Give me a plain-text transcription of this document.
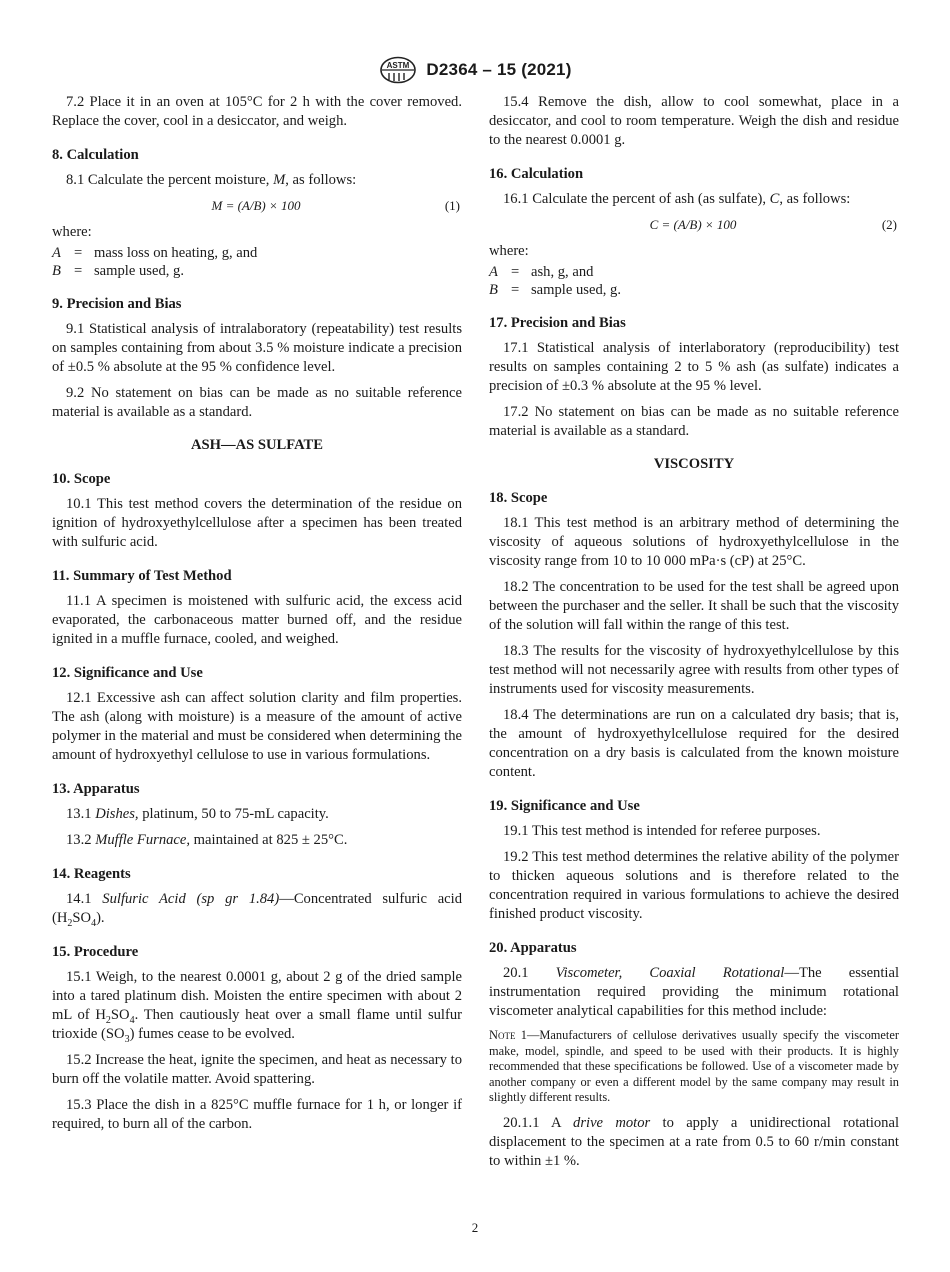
ASTM D2364 – 15 (2021)

7.2 Place it in an oven at 105°C for 2 h with the cover removed. Replace the cover, cool in a desiccator, and weigh.

8. Calculation

8.1 Calculate the percent moisture, M, as follows:

M = (A/B) × 100	(1)

where:

A = mass loss on heating, g, and
B = sample used, g.
9. Precision and Bias

9.1 Statistical analysis of intralaboratory (repeatability) test results on samples containing from about 3.5 % moisture indicate a precision of ±0.5 % absolute at the 95 % confidence level.

9.2 No statement on bias can be made as no suitable reference material is available as a standard.

ASH—AS SULFATE
10. Scope

10.1 This test method covers the determination of the residue on ignition of hydroxyethylcellulose after a specimen has been treated with sulfuric acid.

11. Summary of Test Method

11.1 A specimen is moistened with sulfuric acid, the excess acid evaporated, the carbonaceous matter burned off, and the residue ignited in a muffle furnace, cooled, and weighed.

12. Significance and Use

12.1 Excessive ash can affect solution clarity and film properties. The ash (along with moisture) is a measure of the amount of active polymer in the material and must be considered when determining the amount of hydroxyethyl cellulose to use in various formulations.

13. Apparatus

13.1 Dishes, platinum, 50 to 75-mL capacity.

13.2 Muffle Furnace, maintained at 825 ± 25°C.

14. Reagents

14.1 Sulfuric Acid (sp gr 1.84)—Concentrated sulfuric acid $(H_2SO_4)$.

15. Procedure

15.1 Weigh, to the nearest 0.0001 g, about 2 g of the dried sample into a tared platinum dish. Moisten the entire specimen with about 2 mL of $H_2SO_4$. Then cautiously heat over a small flame until sulfur trioxide $(SO_3)$ fumes cease to be evolved.

15.2 Increase the heat, ignite the specimen, and heat as necessary to burn off the volatile matter. Avoid spattering.

15.3 Place the dish in a 825°C muffle furnace for 1 h, or longer if required, to burn all of the carbon.

15.4 Remove the dish, allow to cool somewhat, place in a desiccator, and cool to room temperature. Weigh the dish and residue to the nearest 0.0001 g.

16. Calculation

16.1 Calculate the percent of ash (as sulfate), C, as follows:

C = (A/B) × 100	(2)

where:

A = ash, g, and
B = sample used, g.
17. Precision and Bias

17.1 Statistical analysis of interlaboratory (reproducibility) test results on samples containing 2 to 5 % ash (as sulfate) indicates a precision of ±0.3 % absolute at the 95 % level.

17.2 No statement on bias can be made as no suitable reference material is available as a standard.

VISCOSITY
18. Scope

18.1 This test method is an arbitrary method of determining the viscosity of aqueous solutions of hydroxyethylcellulose in the viscosity range from 10 to 10 000 mPa·s (cP) at 25°C.

18.2 The concentration to be used for the test shall be agreed upon between the purchaser and the seller. It shall be such that the viscosity of the solution will fall within the range of this test.

18.3 The results for the viscosity of hydroxyethylcellulose by this test method will not necessarily agree with results from other types of instruments used for viscosity measurements.

18.4 The determinations are run on a calculated dry basis; that is, the amount of hydroxyethylcellulose required for the desired concentration on a dry basis is calculated from the known moisture content.

19. Significance and Use

19.1 This test method is intended for referee purposes.

19.2 This test method determines the relative ability of the polymer to thicken aqueous solutions and is therefore related to the concentration required in various formulations to achieve the desired finished product viscosity.

20. Apparatus

20.1 Viscometer, Coaxial Rotational—The essential instrumentation required providing the minimum rotational viscometer analytical capabilities for this method include:

Note 1—Manufacturers of cellulose derivatives usually specify the viscometer make, model, spindle, and speed to be used with their products. It is highly recommended that these specifications be followed. Use of a viscometer made by another company or even a different model by the same company may result in slightly different results.

20.1.1 A drive motor to apply a unidirectional rotational displacement to the specimen at a rate from 0.5 to 60 r/min constant to within ±1 %.

2
